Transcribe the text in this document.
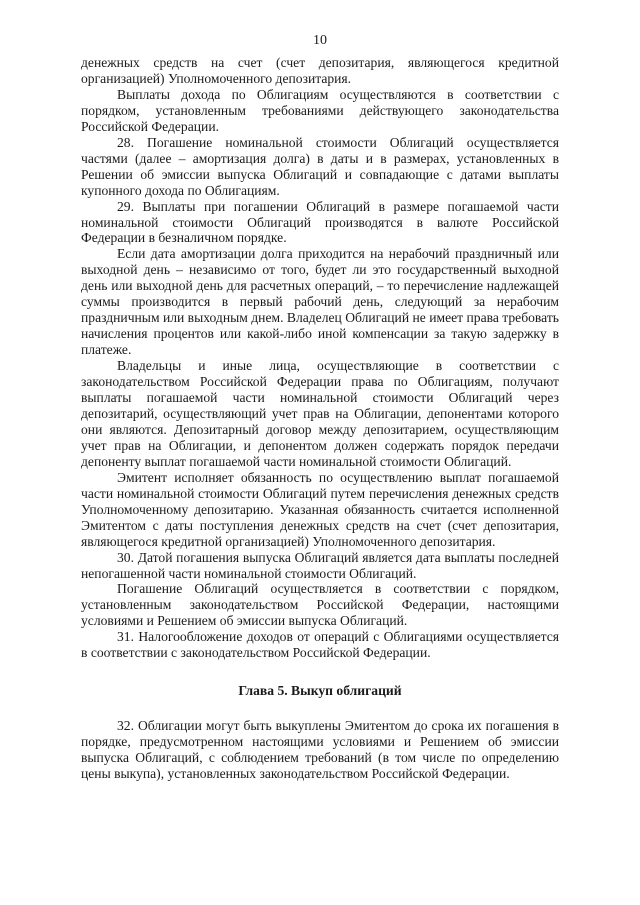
10

денежных средств на счет (счет депозитария, являющегося кредитной организацией) Уполномоченного депозитария.

Выплаты дохода по Облигациям осуществляются в соответствии с порядком, установленным требованиями действующего законодательства Российской Федерации.

28. Погашение номинальной стоимости Облигаций осуществляется частями (далее – амортизация долга) в даты и в размерах, установленных в Решении об эмиссии выпуска Облигаций и совпадающие с датами выплаты купонного дохода по Облигациям.

29. Выплаты при погашении Облигаций в размере погашаемой части номинальной стоимости Облигаций производятся в валюте Российской Федерации в безналичном порядке.

Если дата амортизации долга приходится на нерабочий праздничный или выходной день – независимо от того, будет ли это государственный выходной день или выходной день для расчетных операций, – то перечисление надлежащей суммы производится в первый рабочий день, следующий за нерабочим праздничным или выходным днем. Владелец Облигаций не имеет права требовать начисления процентов или какой-либо иной компенсации за такую задержку в платеже.

Владельцы и иные лица, осуществляющие в соответствии с законодательством Российской Федерации права по Облигациям, получают выплаты погашаемой части номинальной стоимости Облигаций через депозитарий, осуществляющий учет прав на Облигации, депонентами которого они являются. Депозитарный договор между депозитарием, осуществляющим учет прав на Облигации, и депонентом должен содержать порядок передачи депоненту выплат погашаемой части номинальной стоимости Облигаций.

Эмитент исполняет обязанность по осуществлению выплат погашаемой части номинальной стоимости Облигаций путем перечисления денежных средств Уполномоченному депозитарию. Указанная обязанность считается исполненной Эмитентом с даты поступления денежных средств на счет (счет депозитария, являющегося кредитной организацией) Уполномоченного депозитария.

30. Датой погашения выпуска Облигаций является дата выплаты последней непогашенной части номинальной стоимости Облигаций.

Погашение Облигаций осуществляется в соответствии с порядком, установленным законодательством Российской Федерации, настоящими условиями и Решением об эмиссии выпуска Облигаций.

31. Налогообложение доходов от операций с Облигациями осуществляется в соответствии с законодательством Российской Федерации.

Глава 5. Выкуп облигаций

32. Облигации могут быть выкуплены Эмитентом до срока их погашения в порядке, предусмотренном настоящими условиями и Решением об эмиссии выпуска Облигаций, с соблюдением требований (в том числе по определению цены выкупа), установленных законодательством Российской Федерации.
